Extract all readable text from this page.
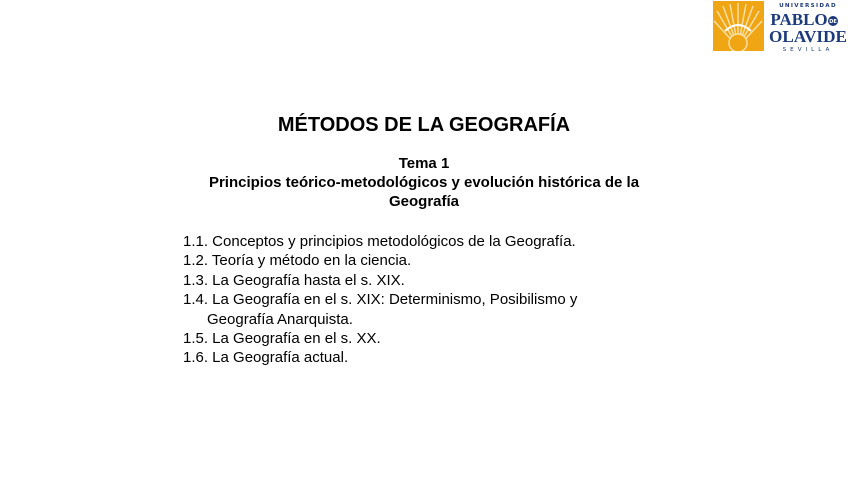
UNIVERSIDAD
PABLO DE
OLAVIDE
SEVILLA
MÉTODOS DE LA GEOGRAFÍA
Tema 1
Principios teórico-metodológicos y evolución histórica de la
Geografía
1.1. Conceptos y principios metodológicos de la Geografía.
1.2. Teoría y método en la ciencia.
1.3. La Geografía hasta el s. XIX.
1.4. La Geografía en el s. XIX: Determinismo, Posibilismo y Geografía Anarquista.
1.5. La Geografía en el s. XX.
1.6. La Geografía actual.
